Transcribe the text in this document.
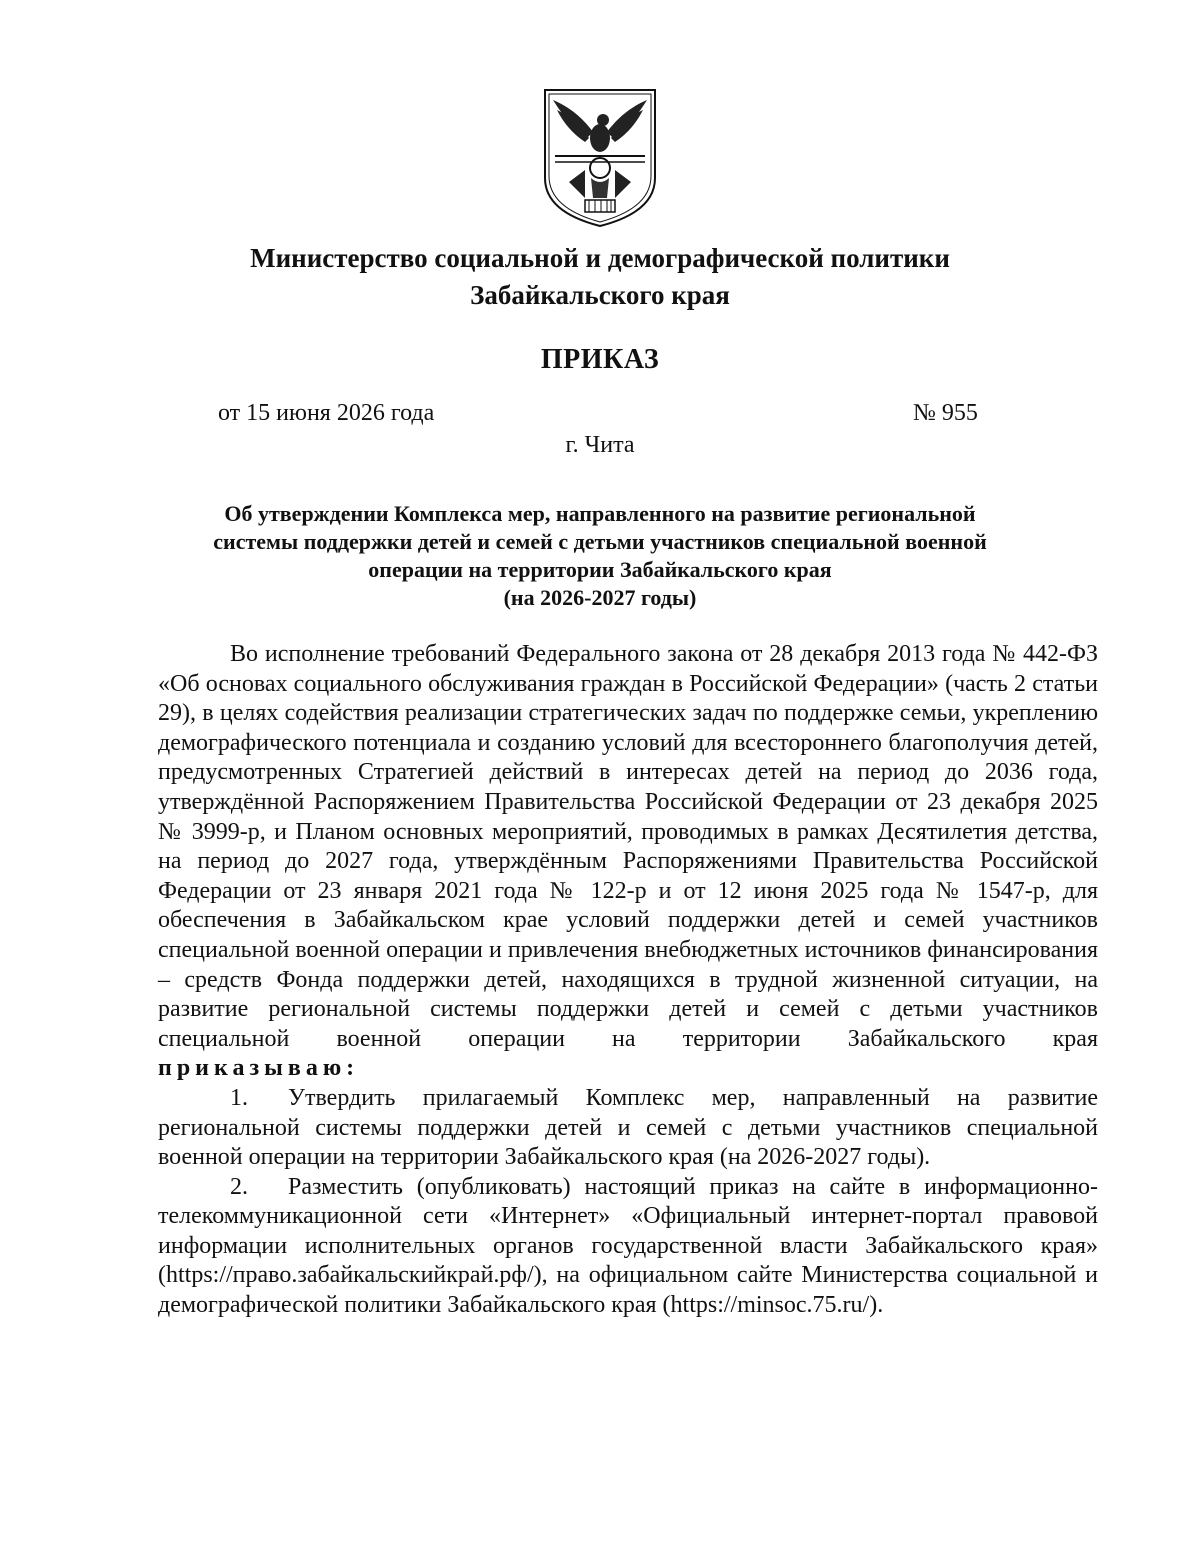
Министерство социальной и демографической политики
Забайкальского края
ПРИКАЗ
от 15 июня 2026 года	№ 955
г. Чита
Об утверждении Комплекса мер, направленного на развитие региональной
системы поддержки детей и семей с детьми участников специальной военной
операции на территории Забайкальского края
(на 2026-2027 годы)

Во исполнение требований Федерального закона от 28 декабря 2013 года № 442-ФЗ «Об основах социального обслуживания граждан в Российской Федерации» (часть 2 статьи 29), в целях содействия реализации стратегических задач по поддержке семьи, укреплению демографического потенциала и созданию условий для всестороннего благополучия детей, предусмотренных Стратегией действий в интересах детей на период до 2036 года, утверждённой Распоряжением Правительства Российской Федерации от 23 декабря 2025 № 3999-р, и Планом основных мероприятий, проводимых в рамках Десятилетия детства, на период до 2027 года, утверждённым Распоряжениями Правительства Российской Федерации от 23 января 2021 года № 122-р и от 12 июня 2025 года № 1547-р, для обеспечения в Забайкальском крае условий поддержки детей и семей участников специальной военной операции и привлечения внебюджетных источников финансирования – средств Фонда поддержки детей, находящихся в трудной жизненной ситуации, на развитие региональной системы поддержки детей и семей с детьми участников специальной военной операции на территории Забайкальского края

приказываю:

1. Утвердить прилагаемый Комплекс мер, направленный на развитие региональной системы поддержки детей и семей с детьми участников специальной военной операции на территории Забайкальского края (на 2026-2027 годы).

2. Разместить (опубликовать) настоящий приказ на сайте в информационно-телекоммуникационной сети «Интернет» «Официальный интернет-портал правовой информации исполнительных органов государственной власти Забайкальского края» (https://право.забайкальскийкрай.рф/), на официальном сайте Министерства социальной и демографической политики Забайкальского края (https://minsoc.75.ru/).
